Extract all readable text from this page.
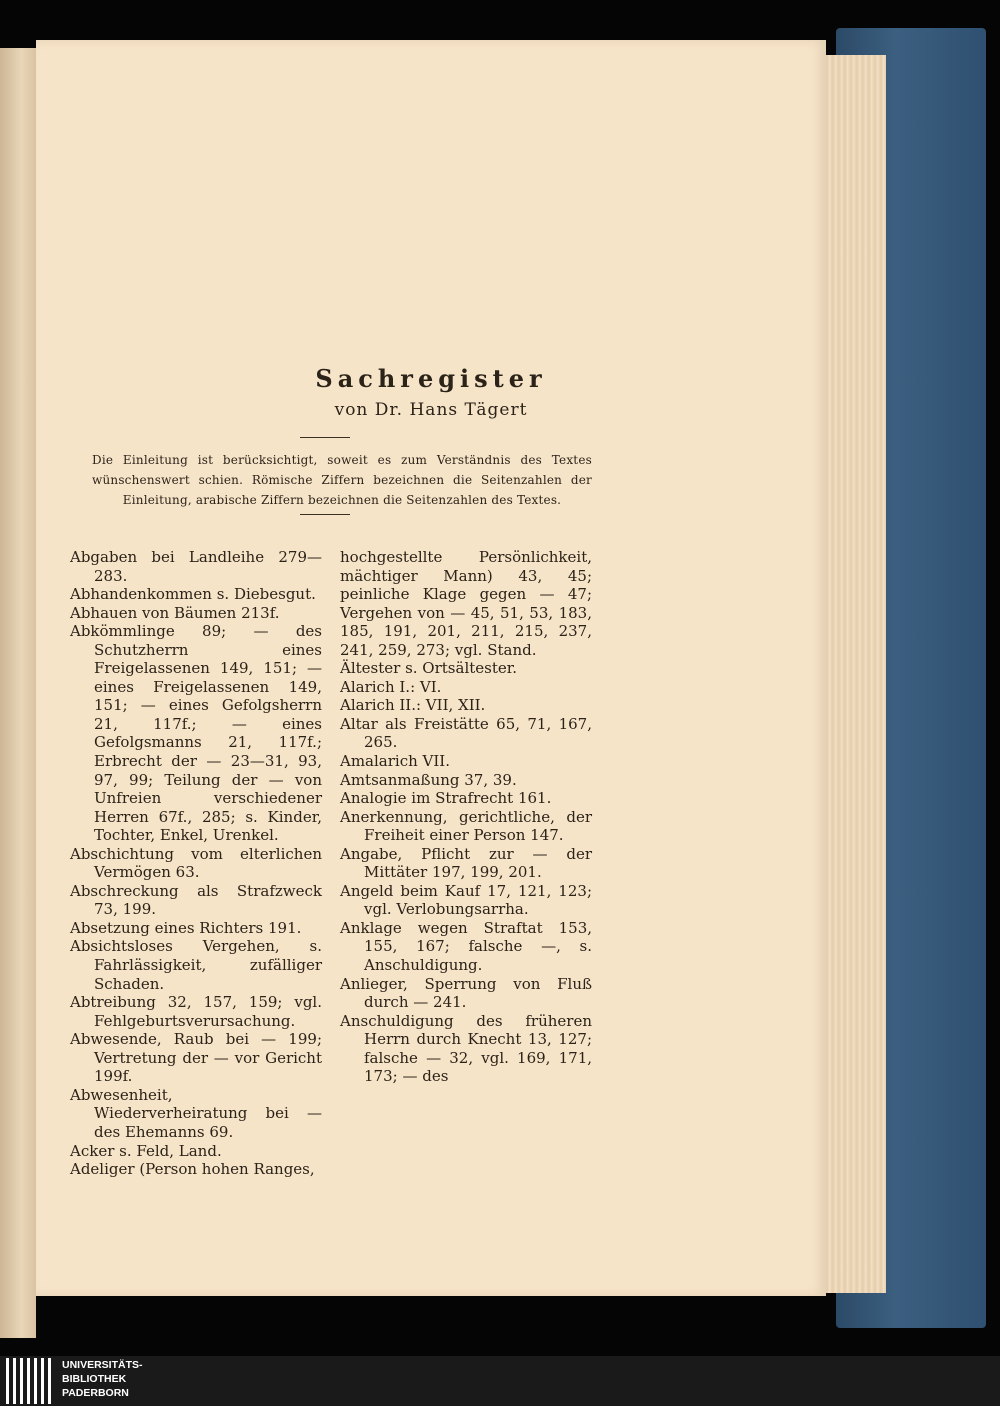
Sachregister
von Dr. Hans Tägert
Die Einleitung ist berücksichtigt, soweit es zum Verständnis des Textes wünschenswert schien. Römische Ziffern bezeichnen die Seitenzahlen der Einleitung, arabische Ziffern bezeichnen die Seitenzahlen des Textes.

Abgaben bei Landleihe 279—283.

Abhandenkommen s. Diebesgut.

Abhauen von Bäumen 213f.

Abkömmlinge 89; — des Schutzherrn eines Freigelassenen 149, 151; — eines Freigelassenen 149, 151; — eines Gefolgsherrn 21, 117f.; — eines Gefolgsmanns 21, 117f.; Erbrecht der — 23—31, 93, 97, 99; Teilung der — von Unfreien verschiedener Herren 67f., 285; s. Kinder, Tochter, Enkel, Urenkel.

Abschichtung vom elterlichen Vermögen 63.

Abschreckung als Strafzweck 73, 199.

Absetzung eines Richters 191.

Absichtsloses Vergehen, s. Fahrlässigkeit, zufälliger Schaden.

Abtreibung 32, 157, 159; vgl. Fehlgeburtsverursachung.

Abwesende, Raub bei — 199; Vertretung der — vor Gericht 199f.

Abwesenheit, Wiederverheiratung bei — des Ehemanns 69.

Acker s. Feld, Land.

Adeliger (Person hohen Ranges,

hochgestellte Persönlichkeit, mächtiger Mann) 43, 45; peinliche Klage gegen — 47; Vergehen von — 45, 51, 53, 183, 185, 191, 201, 211, 215, 237, 241, 259, 273; vgl. Stand.

Ältester s. Ortsältester.

Alarich I.: VI.

Alarich II.: VII, XII.

Altar als Freistätte 65, 71, 167, 265.

Amalarich VII.

Amtsanmaßung 37, 39.

Analogie im Strafrecht 161.

Anerkennung, gerichtliche, der Freiheit einer Person 147.

Angabe, Pflicht zur — der Mittäter 197, 199, 201.

Angeld beim Kauf 17, 121, 123; vgl. Verlobungsarrha.

Anklage wegen Straftat 153, 155, 167; falsche —, s. Anschuldigung.

Anlieger, Sperrung von Fluß durch — 241.

Anschuldigung des früheren Herrn durch Knecht 13, 127; falsche — 32, vgl. 169, 171, 173; — des

UNIVERSITÄTS-
BIBLIOTHEK
PADERBORN
